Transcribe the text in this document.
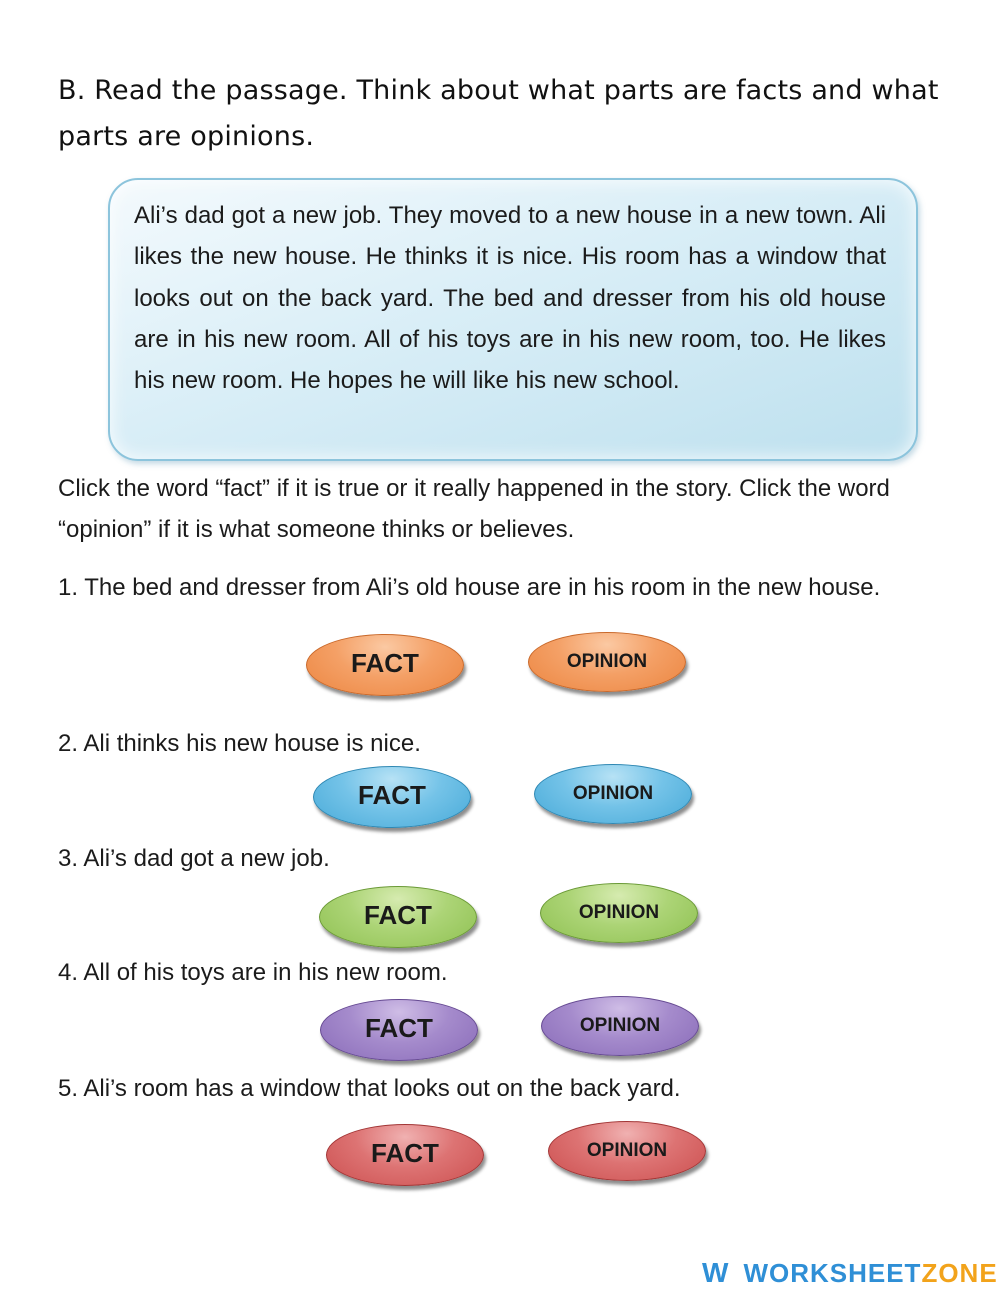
B. Read the passage. Think about what parts are facts and what parts are opinions.
Ali’s dad got a new job. They moved to a new house in a new town. Ali likes the new house. He thinks it is nice. His room has a window that looks out on the back yard. The bed and dresser from his old house are in his new room. All of his toys are in his new room, too. He likes his new room. He hopes he will like his new school.
Click the word “fact” if it is true or it really happened in the story. Click the word “opinion” if it is what someone thinks or believes.
1. The bed and dresser from Ali’s old house are in his room in the new house.
FACT	OPINION
2. Ali thinks his new house is nice.
FACT	OPINION
3. Ali’s dad got a new job.
FACT	OPINION
4. All of his toys are in his new room.
FACT	OPINION
5. Ali’s room has a window that looks out on the back yard.
FACT	OPINION
W WORKSHEETZONE
